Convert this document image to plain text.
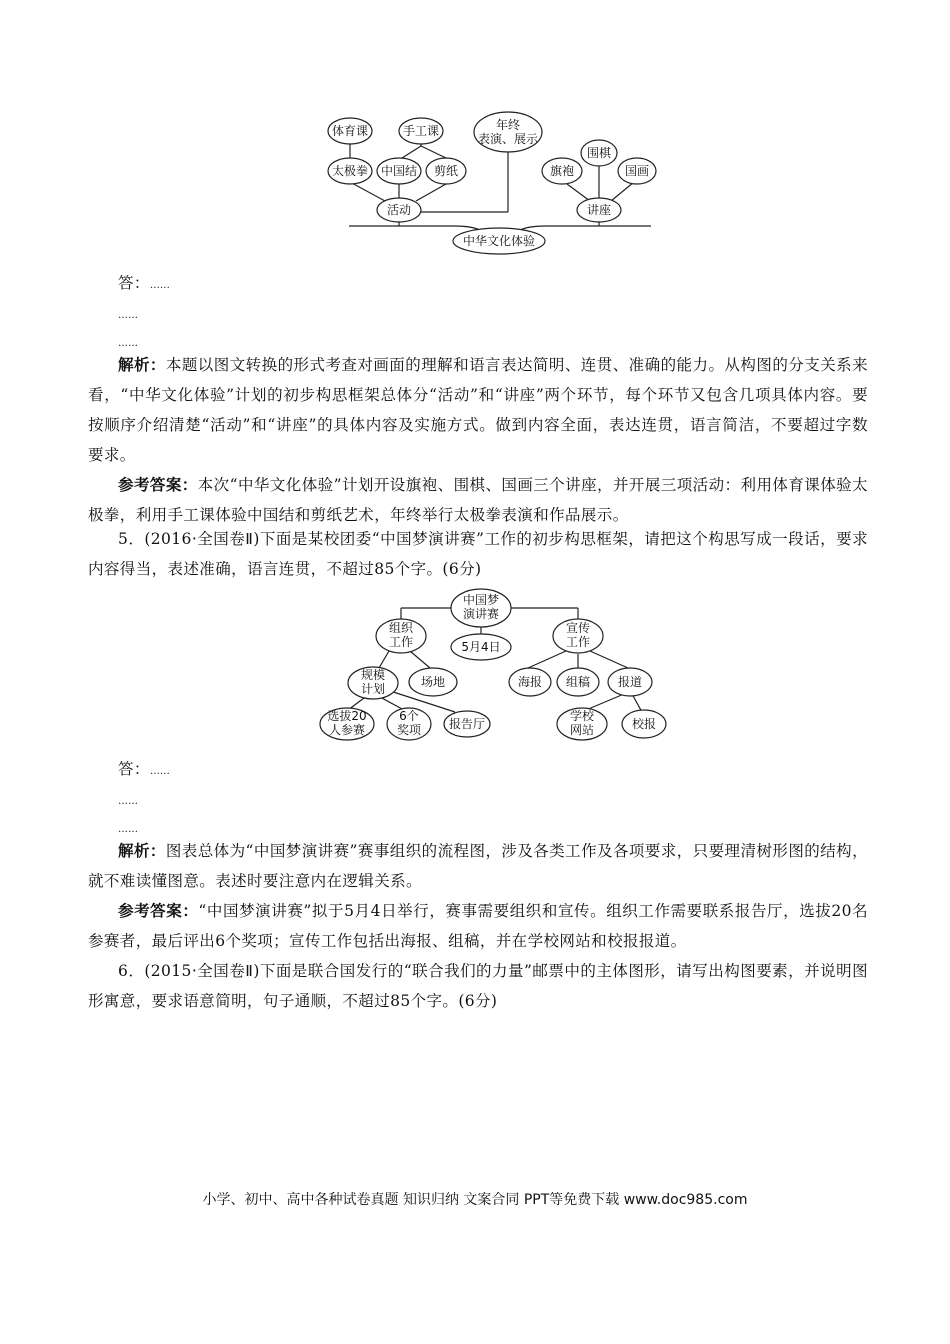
体育课	手工课	年终
表演、展示
太极拳 中国结 剪纸
活动
旗袍
围棋
国画
讲座
中华文化体验
答：……
……
……
解析：本题以图文转换的形式考查对画面的理解和语言表达简明、连贯、准确的能力。从构图的分支关系来看，“中华文化体验”计划的初步构思框架总体分“活动”和“讲座”两个环节，每个环节又包含几项具体内容。要按顺序介绍清楚“活动”和“讲座”的具体内容及实施方式。做到内容全面，表达连贯，语言简洁，不要超过字数要求。
参考答案：本次“中华文化体验”计划开设旗袍、围棋、国画三个讲座，并开展三项活动：利用体育课体验太极拳，利用手工课体验中国结和剪纸艺术，年终举行太极拳表演和作品展示。
5．(2016·全国卷Ⅱ)下面是某校团委“中国梦演讲赛”工作的初步构思框架，请把这个构思写成一段话，要求内容得当，表述准确，语言连贯，不超过85个字。(6分)
中国梦
演讲赛
5月4日
组织
工作
宣传
工作
规模
计划	场地
选拔20
人参赛
6个
奖项 报告厅
海报 组稿 报道
学校
网站	校报
答：……
……
……
解析：图表总体为“中国梦演讲赛”赛事组织的流程图，涉及各类工作及各项要求，只要理清树形图的结构，就不难读懂图意。表述时要注意内在逻辑关系。
参考答案：“中国梦演讲赛”拟于5月4日举行，赛事需要组织和宣传。组织工作需要联系报告厅，选拔20名参赛者，最后评出6个奖项；宣传工作包括出海报、组稿，并在学校网站和校报报道。
6．(2015·全国卷Ⅱ)下面是联合国发行的“联合我们的力量”邮票中的主体图形，请写出构图要素，并说明图形寓意，要求语意简明，句子通顺，不超过85个字。(6分)
小学、初中、高中各种试卷真题 知识归纳 文案合同 PPT等免费下载 www.doc985.com
